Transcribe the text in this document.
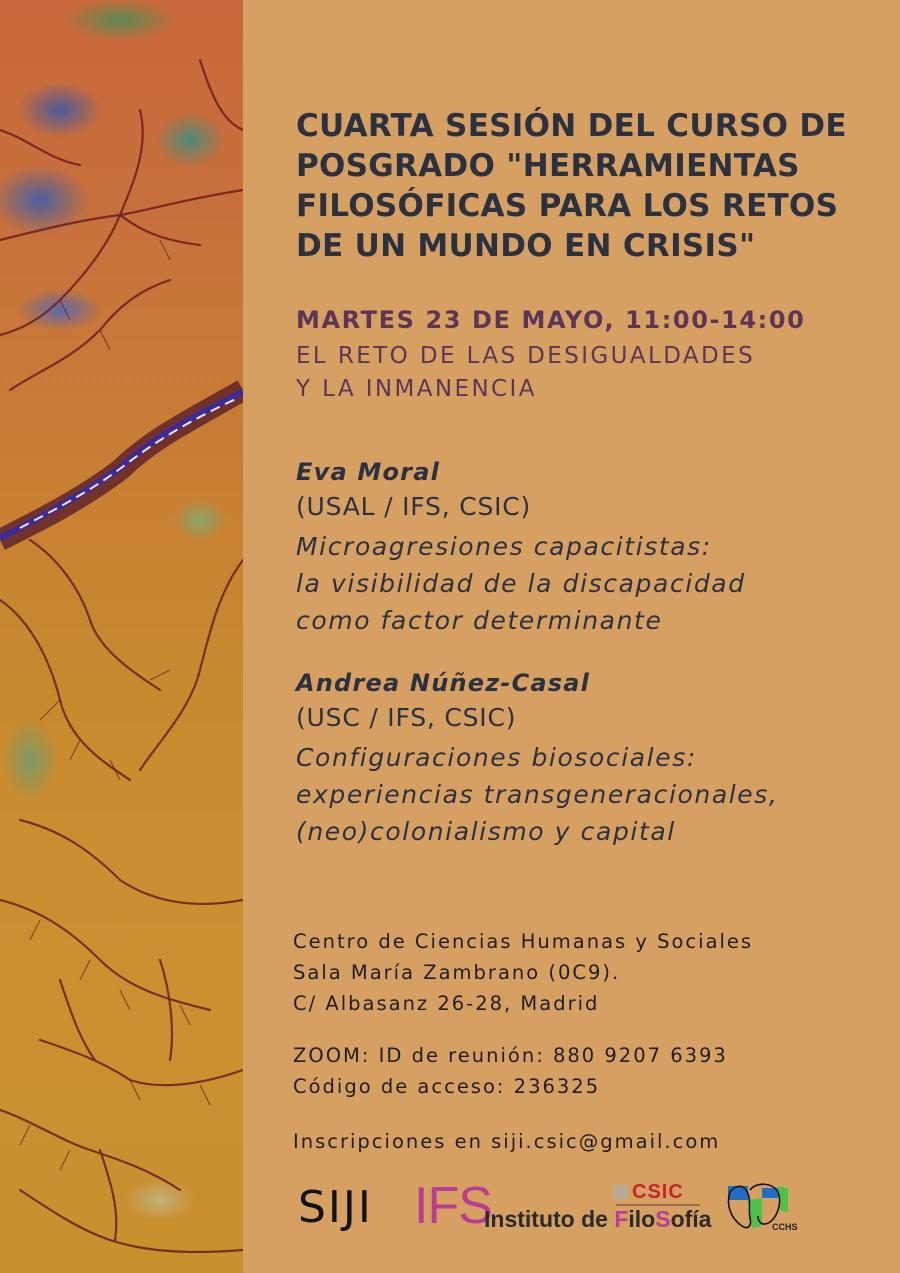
CUARTA SESIÓN DEL CURSO DE
POSGRADO "HERRAMIENTAS
FILOSÓFICAS PARA LOS RETOS
DE UN MUNDO EN CRISIS"
MARTES 23 DE MAYO, 11:00-14:00
EL RETO DE LAS DESIGUALDADES
Y LA INMANENCIA
Eva Moral
(USAL / IFS, CSIC)
Microagresiones capacitistas:
la visibilidad de la discapacidad
como factor determinante
Andrea Núñez-Casal
(USC / IFS, CSIC)
Configuraciones biosociales:
experiencias transgeneracionales,
(neo)colonialismo y capital
Centro de Ciencias Humanas y Sociales
Sala María Zambrano (0C9).
C/ Albasanz 26-28, Madrid
ZOOM: ID de reunión: 880 9207 6393
Código de acceso: 236325
Inscripciones en siji.csic@gmail.com
SIJI IFS
Instituto de FiloSofía
CSIC
CCHS
